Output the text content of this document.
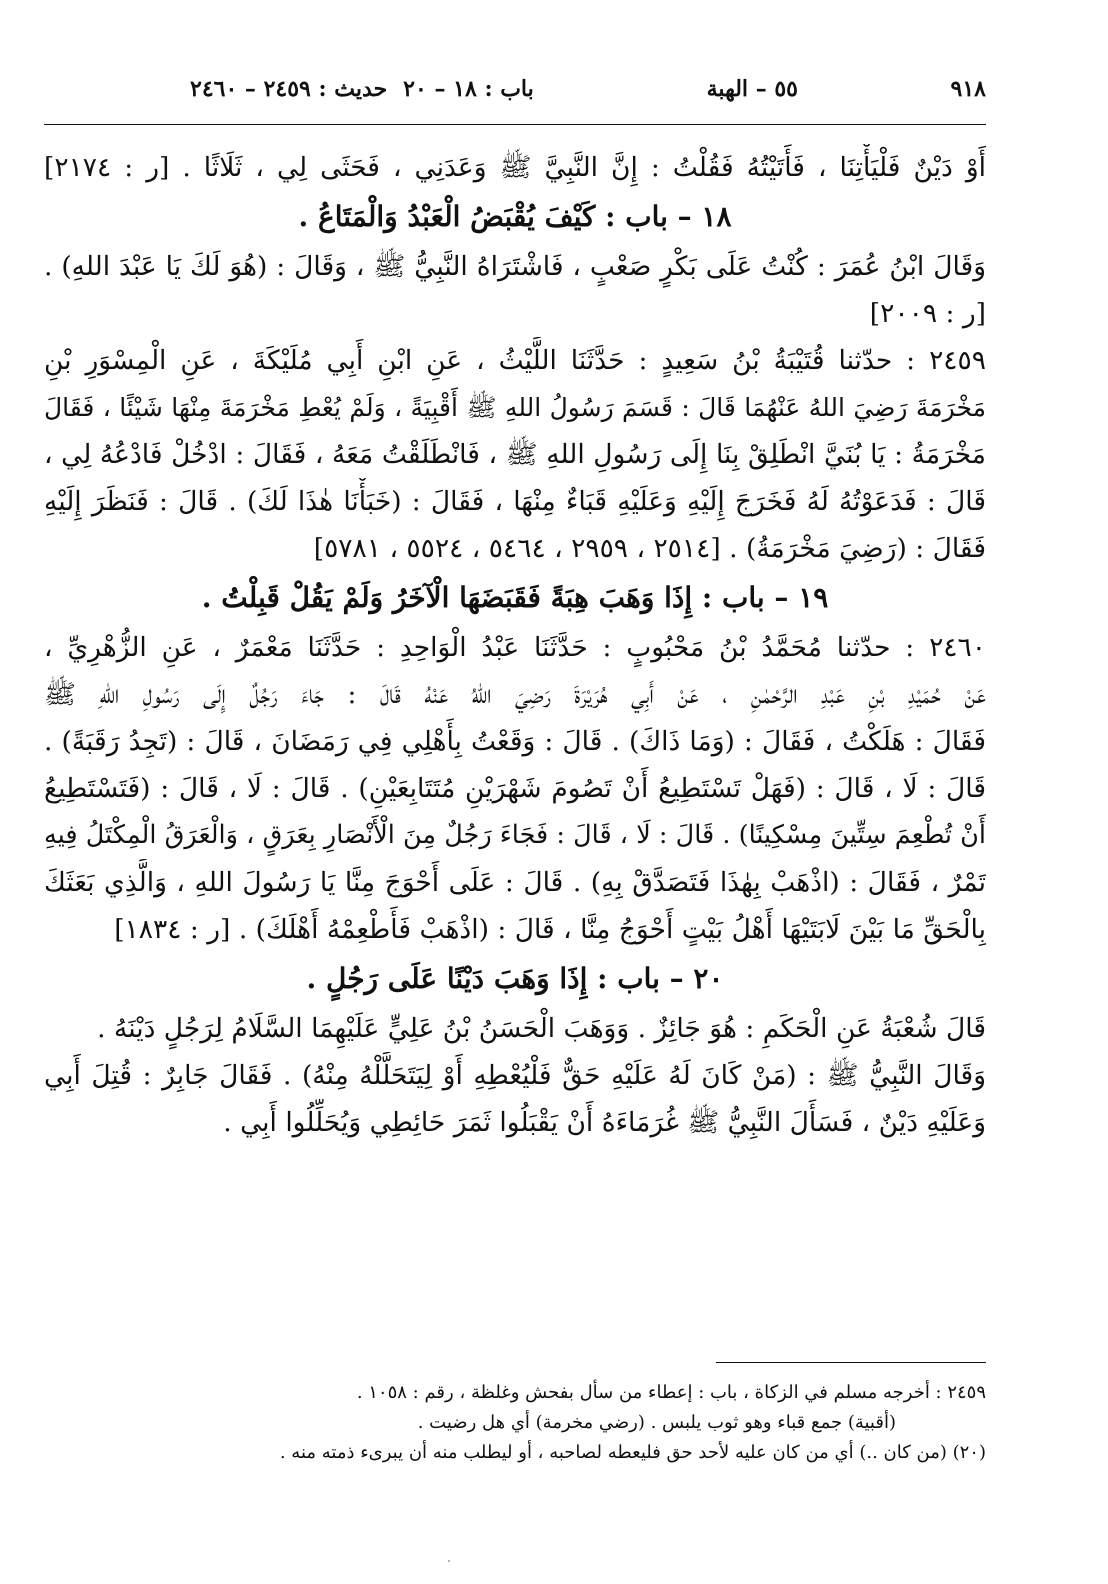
٩١٨
٥٥ – الهبة
باب : ١٨ – ٢٠حديث : ٢٤٥٩ – ٢٤٦٠
أَوْ دَيْنٌ فَلْيَأْتِنَا ، فَأَتَيْتُهُ فَقُلْتُ : إِنَّ النَّبِيَّ ﷺ وَعَدَنِي ، فَحَثَى لِي ، ثَلَاثًا . [ر : ٢١٧٤]
١٨ – باب : كَيْفَ يُقْبَضُ الْعَبْدُ وَالْمَتَاعُ .
وَقَالَ ابْنُ عُمَرَ : كُنْتُ عَلَى بَكْرٍ صَعْبٍ ، فَاشْتَرَاهُ النَّبِيُّ ﷺ ، وَقَالَ : (هُوَ لَكَ يَا عَبْدَ اللهِ) .
[ر : ٢٠٠٩]
٢٤٥٩ : حدّثنا قُتَيْبَةُ بْنُ سَعِيدٍ : حَدَّثَنَا اللَّيْثُ ، عَنِ ابْنِ أَبِي مُلَيْكَةَ ، عَنِ الْمِسْوَرِ بْنِ
مَخْرَمَةَ رَضِيَ اللهُ عَنْهُمَا قَالَ : قَسَمَ رَسُولُ اللهِ ﷺ أَقْبِيَةً ، وَلَمْ يُعْطِ مَخْرَمَةَ مِنْهَا شَيْئًا ، فَقَالَ
مَخْرَمَةُ : يَا بُنَيَّ انْطَلِقْ بِنَا إِلَى رَسُولِ اللهِ ﷺ ، فَانْطَلَقْتُ مَعَهُ ، فَقَالَ : ادْخُلْ فَادْعُهُ لِي ،
قَالَ : فَدَعَوْتُهُ لَهُ فَخَرَجَ إِلَيْهِ وَعَلَيْهِ قَبَاءٌ مِنْهَا ، فَقَالَ : (خَبَأْنَا هٰذَا لَكَ) . قَالَ : فَنَظَرَ إِلَيْهِ
فَقَالَ : (رَضِيَ مَخْرَمَةُ) . [٢٥١٤ ، ٢٩٥٩ ، ٥٤٦٤ ، ٥٥٢٤ ، ٥٧٨١]
١٩ – باب : إِذَا وَهَبَ هِبَةً فَقَبَضَهَا الْآخَرُ وَلَمْ يَقُلْ قَبِلْتُ .
٢٤٦٠ : حدّثنا مُحَمَّدُ بْنُ مَحْبُوبٍ : حَدَّثَنَا عَبْدُ الْوَاحِدِ : حَدَّثَنَا مَعْمَرٌ ، عَنِ الزُّهْرِيِّ ،
عَنْ حُمَيْدِ بْنِ عَبْدِ الرَّحْمٰنِ ، عَنْ أَبِي هُرَيْرَةَ رَضِيَ اللهُ عَنْهُ قَالَ : جَاءَ رَجُلٌ إِلَى رَسُولِ اللهِ ﷺ
فَقَالَ : هَلَكْتُ ، فَقَالَ : (وَمَا ذَاكَ) . قَالَ : وَقَعْتُ بِأَهْلِي فِي رَمَضَانَ ، قَالَ : (تَجِدُ رَقَبَةً) .
قَالَ : لَا ، قَالَ : (فَهَلْ تَسْتَطِيعُ أَنْ تَصُومَ شَهْرَيْنِ مُتَتَابِعَيْنِ) . قَالَ : لَا ، قَالَ : (فَتَسْتَطِيعُ
أَنْ تُطْعِمَ سِتِّينَ مِسْكِينًا) . قَالَ : لَا ، قَالَ : فَجَاءَ رَجُلٌ مِنَ الْأَنْصَارِ بِعَرَقٍ ، وَالْعَرَقُ الْمِكْتَلُ فِيهِ
تَمْرٌ ، فَقَالَ : (اذْهَبْ بِهٰذَا فَتَصَدَّقْ بِهِ) . قَالَ : عَلَى أَحْوَجَ مِنَّا يَا رَسُولَ اللهِ ، وَالَّذِي بَعَثَكَ
بِالْحَقِّ مَا بَيْنَ لَابَتَيْهَا أَهْلُ بَيْتٍ أَحْوَجُ مِنَّا ، قَالَ : (اذْهَبْ فَأَطْعِمْهُ أَهْلَكَ) . [ر : ١٨٣٤]
٢٠ – باب : إِذَا وَهَبَ دَيْنًا عَلَى رَجُلٍ .
قَالَ شُعْبَةُ عَنِ الْحَكَمِ : هُوَ جَائِزٌ . وَوَهَبَ الْحَسَنُ بْنُ عَلِيٍّ عَلَيْهِمَا السَّلَامُ لِرَجُلٍ دَيْنَهُ .
وَقَالَ النَّبِيُّ ﷺ : (مَنْ كَانَ لَهُ عَلَيْهِ حَقٌّ فَلْيُعْطِهِ أَوْ لِيَتَحَلَّلْهُ مِنْهُ) . فَقَالَ جَابِرٌ : قُتِلَ أَبِي
وَعَلَيْهِ دَيْنٌ ، فَسَأَلَ النَّبِيُّ ﷺ غُرَمَاءَهُ أَنْ يَقْبَلُوا ثَمَرَ حَائِطِي وَيُحَلِّلُوا أَبِي .
٢٤٥٩ : أخرجه مسلم في الزكاة ، باب : إعطاء من سأل بفحش وغلظة ، رقم : ١٠٥٨ .
(أقبية) جمع قباء وهو ثوب يلبس . (رضي مخرمة) أي هل رضيت .
(٢٠) (من كان ..) أي من كان عليه لأحد حق فليعطه لصاحبه ، أو ليطلب منه أن يبرىء ذمته منه .
